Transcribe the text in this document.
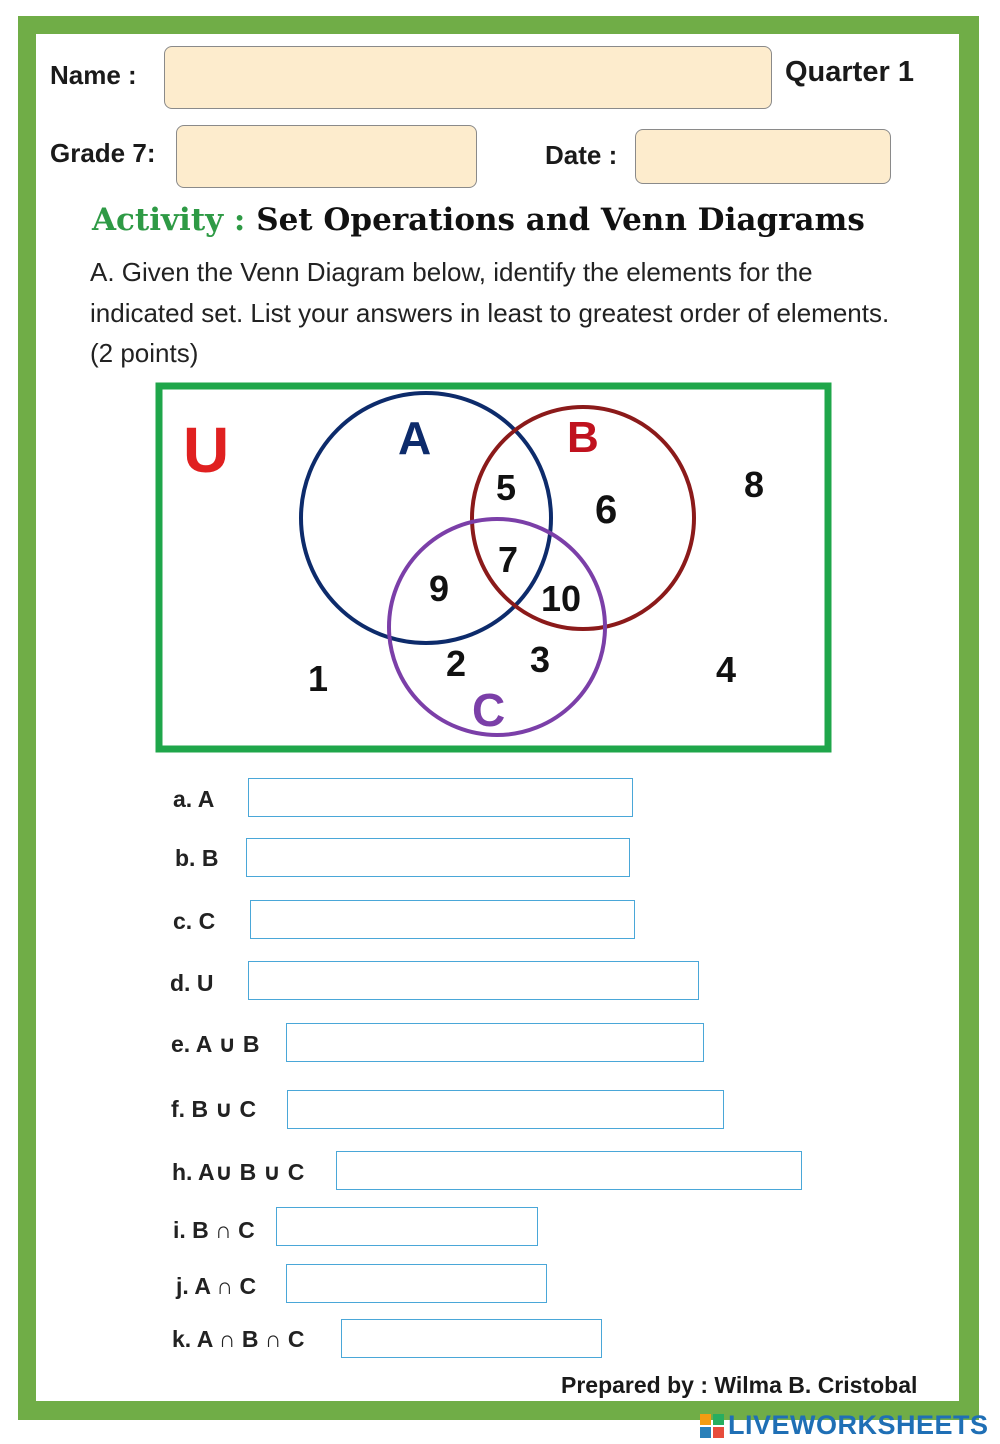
Name :	Quarter 1
Grade 7:	Date :
Activity : Set Operations and Venn Diagrams
A. Given the Venn Diagram below, identify the elements for the indicated set. List your answers in least to greatest order of elements. (2 points)
U	A	B
C
5
6
8
7
9	10
2 3
1	4
a. A
b. B
c. C
d. U
e. A ∪ B
f. B ∪ C
h. A∪ B ∪ C
i. B ∩ C
j. A ∩ C
k. A ∩ B ∩ C
Prepared by : Wilma B. Cristobal
LIVEWORKSHEETS
